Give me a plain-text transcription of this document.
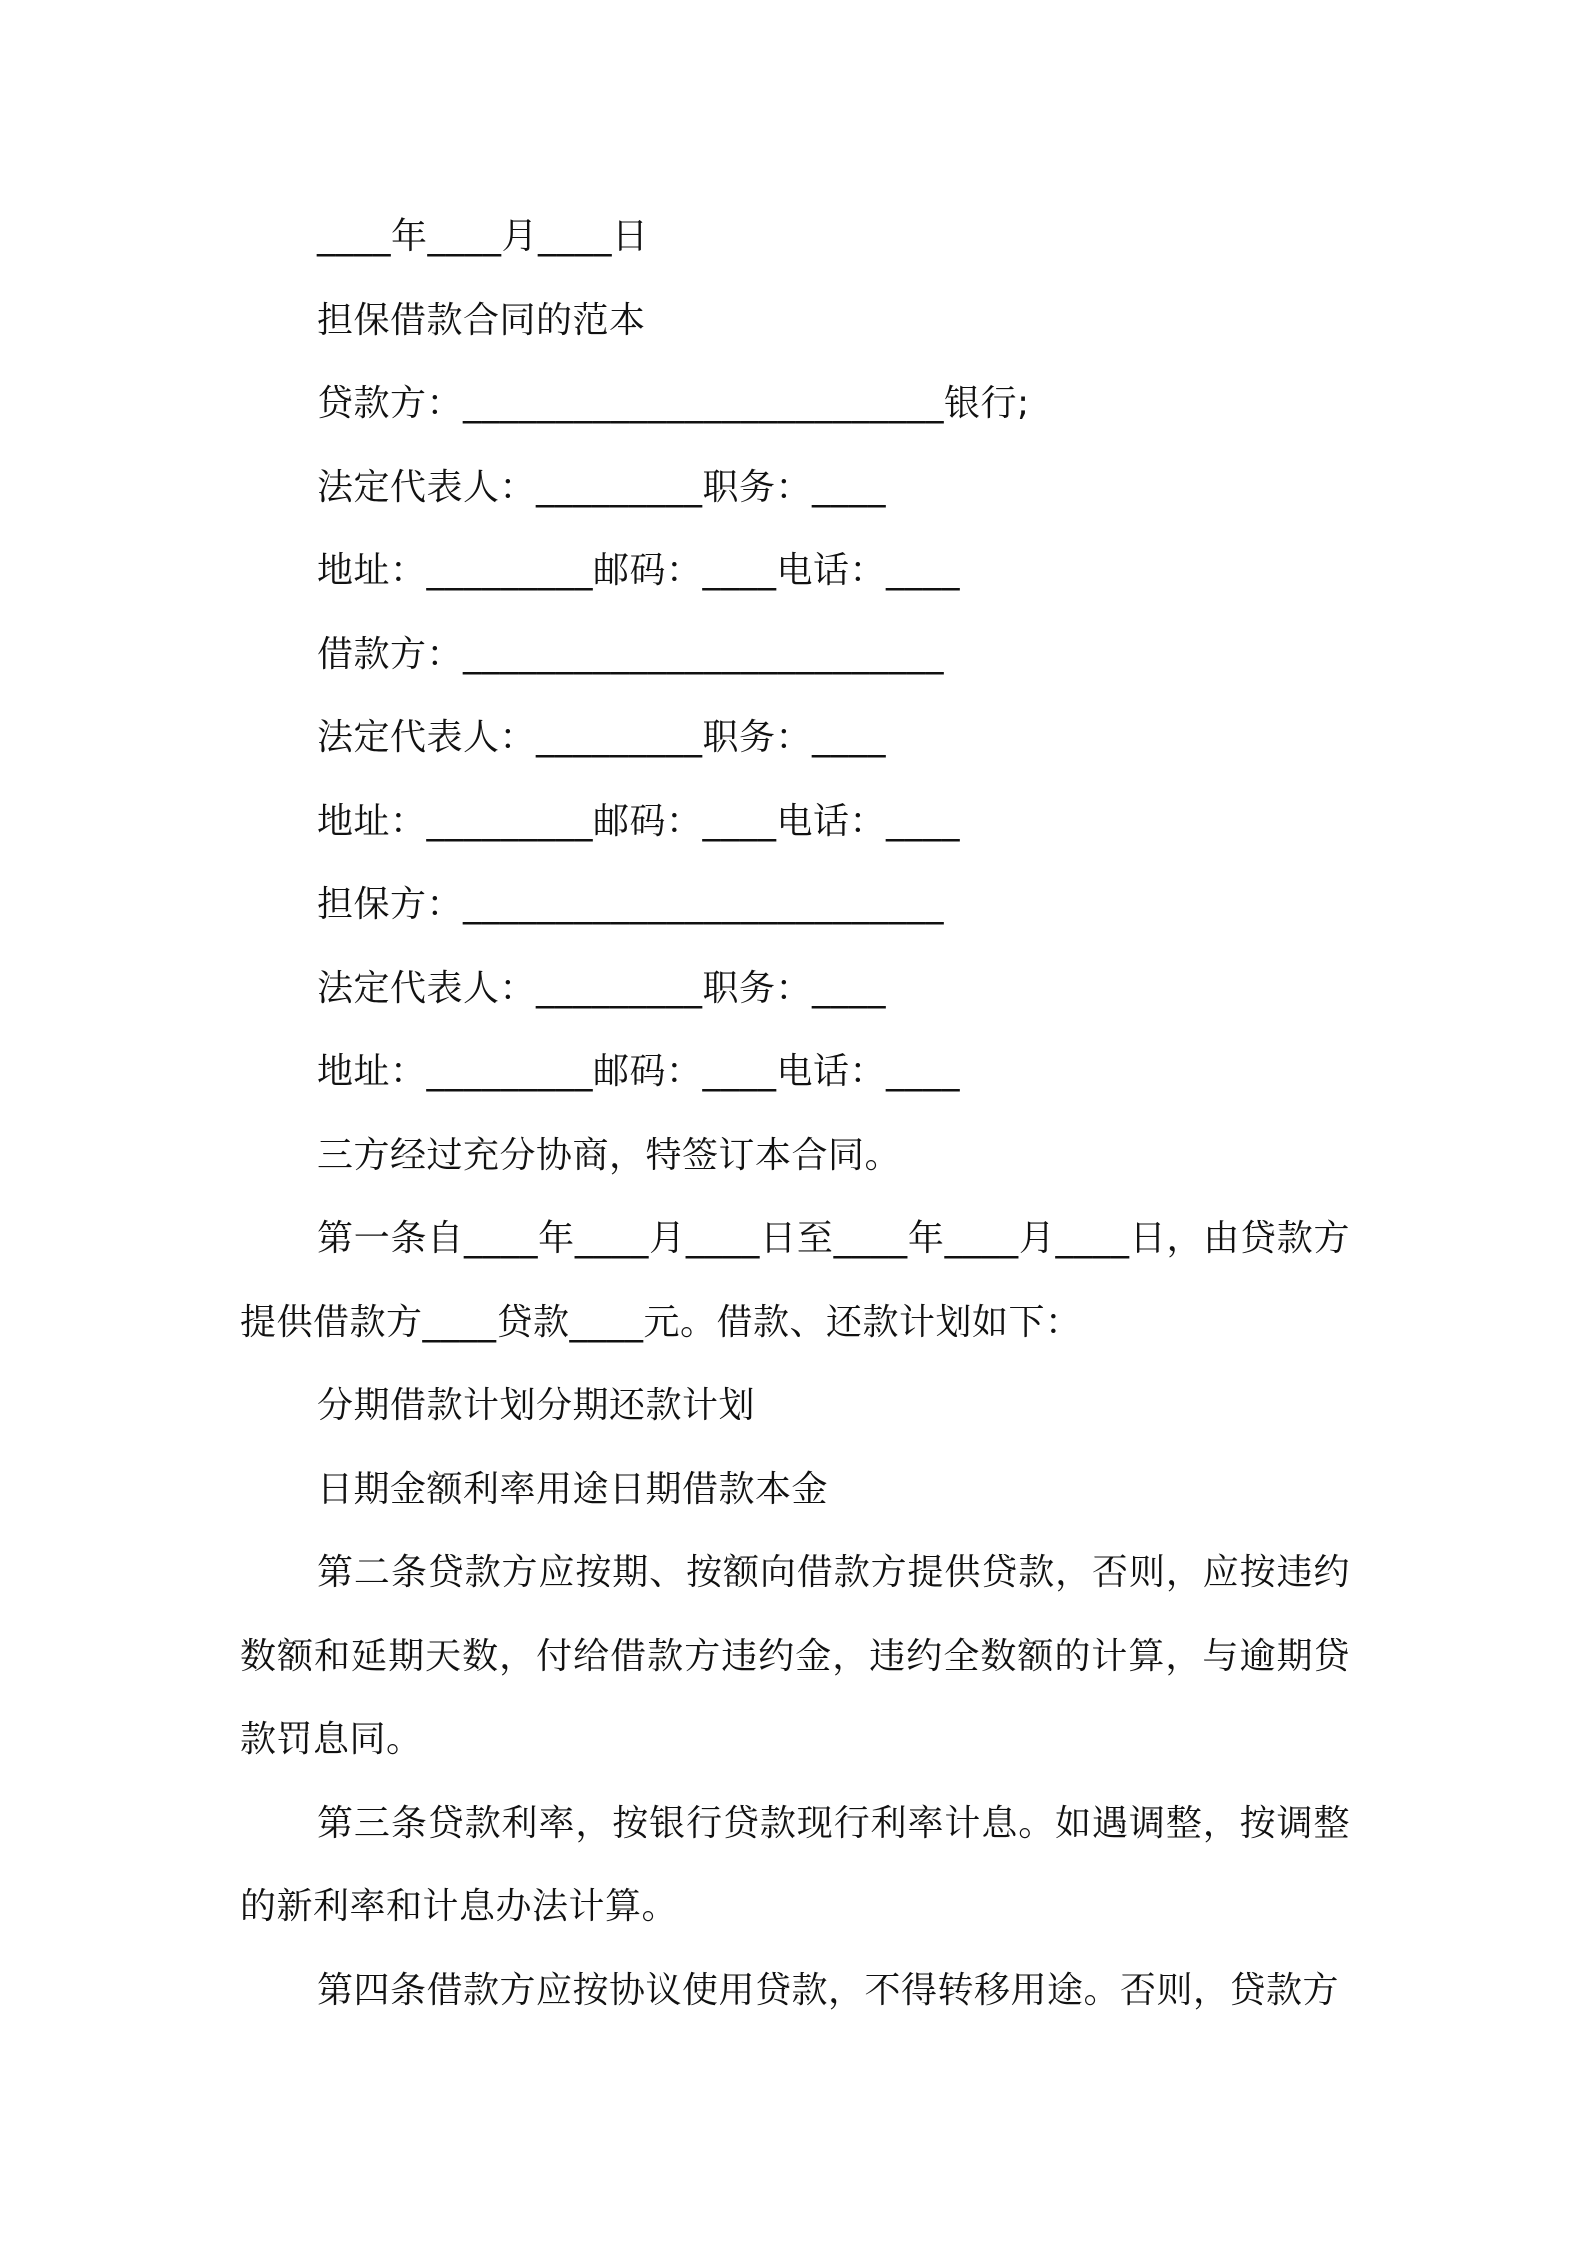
____年____月____日

担保借款合同的范本

贷款方：__________________________银行;

法定代表人：_________职务：____

地址：_________邮码：____电话：____

借款方：__________________________

法定代表人：_________职务：____

地址：_________邮码：____电话：____

担保方：__________________________

法定代表人：_________职务：____

地址：_________邮码：____电话：____

三方经过充分协商，特签订本合同。

第一条自____年____月____日至____年____月____日，由贷款方提供借款方____贷款____元。借款、还款计划如下：

分期借款计划分期还款计划

日期金额利率用途日期借款本金

第二条贷款方应按期、按额向借款方提供贷款，否则，应按违约数额和延期天数，付给借款方违约金，违约全数额的计算，与逾期贷款罚息同。

第三条贷款利率，按银行贷款现行利率计息。如遇调整，按调整的新利率和计息办法计算。

第四条借款方应按协议使用贷款，不得转移用途。否则，贷款方
